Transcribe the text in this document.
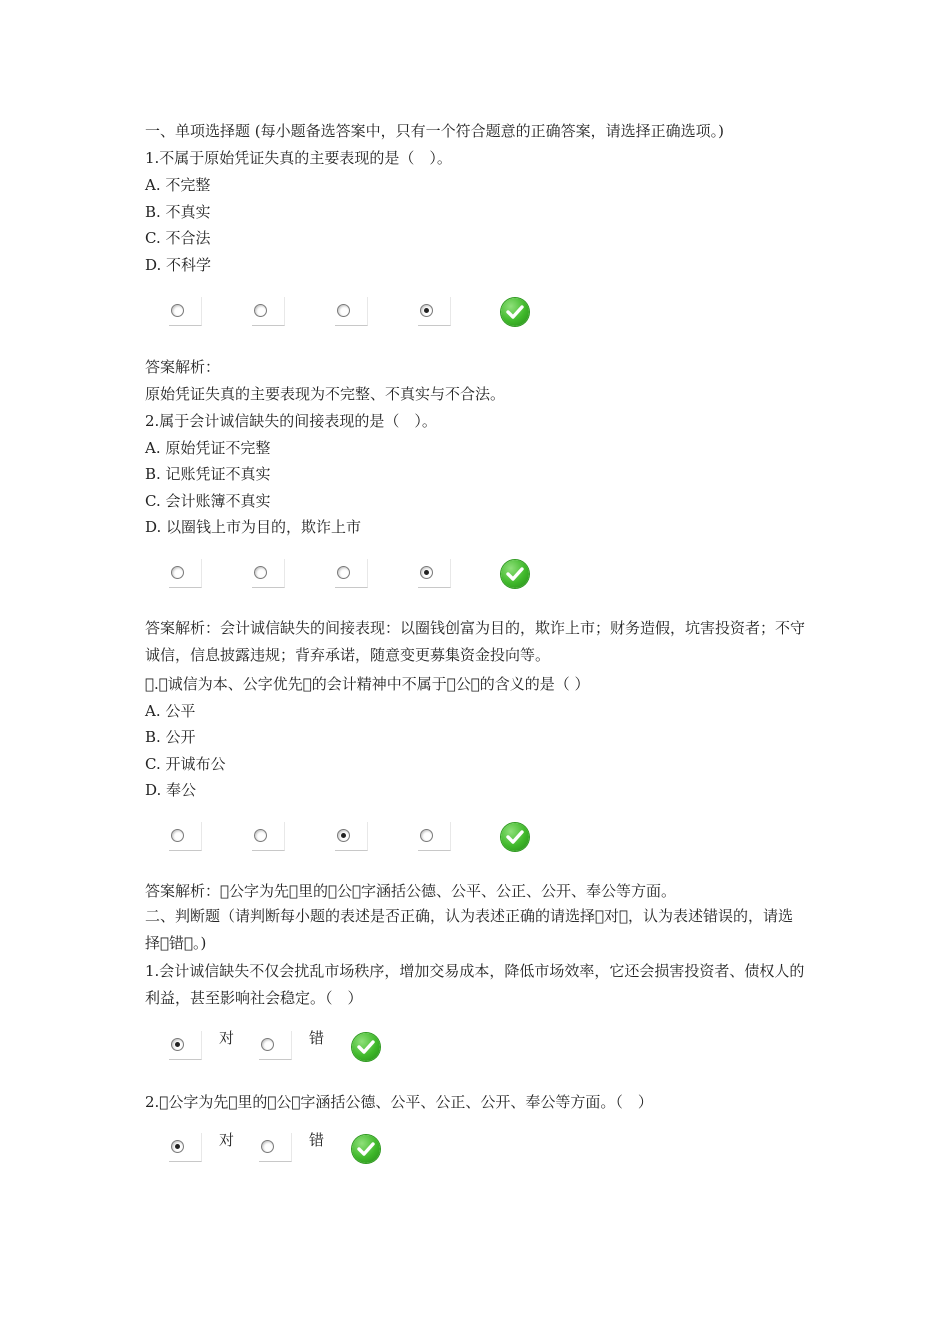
一、单项选择题 (每小题备选答案中，只有一个符合题意的正确答案，请选择正确选项。)
1.不属于原始凭证失真的主要表现的是（　）。
A. 不完整
B. 不真实
C. 不合法
D. 不科学
答案解析：
原始凭证失真的主要表现为不完整、不真实与不合法。
2.属于会计诚信缺失的间接表现的是（　）。
A. 原始凭证不完整
B. 记账凭证不真实
C. 会计账簿不真实
D. 以圈钱上市为目的，欺诈上市
答案解析：会计诚信缺失的间接表现：以圈钱创富为目的，欺诈上市；财务造假，坑害投资者；不守诚信，信息披露违规；背弃承诺，随意变更募集资金投向等。
 . 诚信为本、公字优先 的会计精神中不属于 公 的含义的是（ ）
A. 公平
B. 公开
C. 开诚布公
D. 奉公
答案解析： 公字为先 里的 公 字涵括公德、公平、公正、公开、奉公等方面。
二、判断题（请判断每小题的表述是否正确，认为表述正确的请选择 对 ，认为表述错误的，请选择 错 。)
1.会计诚信缺失不仅会扰乱市场秩序，增加交易成本，降低市场效率，它还会损害投资者、债权人的利益，甚至影响社会稳定。（　）
对	错
2. 公字为先 里的 公 字涵括公德、公平、公正、公开、奉公等方面。（　）
对	错
